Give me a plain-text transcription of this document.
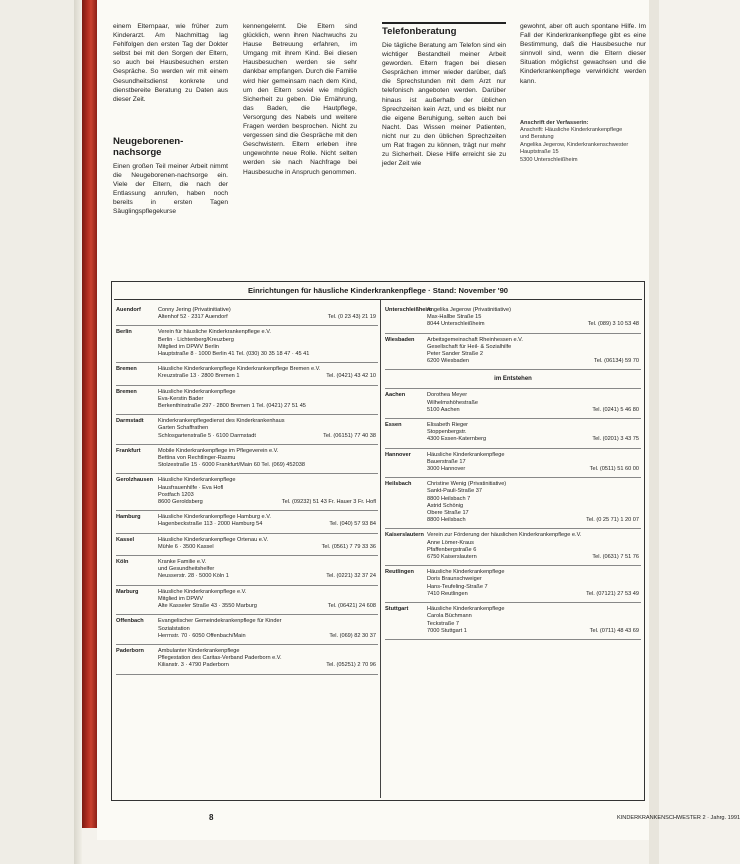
einem Elternpaar, wie früher zum Kinderarzt. Am Nachmittag lag Fehlfolgen den ersten Tag der Dokter selbst bei mit den Sorgen der Eltern, so auch bei Hausbesuchen ersten Gespräche. So werden wir mit einem Gesundheitsdienst konkrete und dienstbereite Beratung zu Daten aus dieser Zeit.

Neugeborenen-nachsorge

Einen großen Teil meiner Arbeit nimmt die Neugeborenen-nachsorge ein. Viele der Eltern, die nach der Entlassung anrufen, haben noch bereits in ersten Tagen Säuglingspflegekurse

kennengelernt. Die Eltern sind glücklich, wenn ihren Nachwuchs zu Hause Betreuung erfahren, im Umgang mit ihrem Kind. Bei diesen Hausbesuchen werden sie sehr dankbar empfangen. Durch die Familie wird hier gemeinsam nach dem Kind, um den Eltern soviel wie möglich Sicherheit zu geben. Die Ernährung, das Baden, die Hautpflege, Versorgung des Nabels und weitere Fragen werden besprochen. Nicht zu vergessen sind die Gespräche mit den Geschwistern. Eltern erleben ihre ungewohnte neue Rolle. Nicht selten werden sie nach Nachfrage bei Hausbesuche in Anspruch genommen.

Telefonberatung

Die tägliche Beratung am Telefon sind ein wichtiger Bestandteil meiner Arbeit geworden. Eltern fragen bei diesen Gesprächen immer wieder darüber, daß die Sprechstunden mit dem Arzt nur telefonisch angeboten werden. Darüber hinaus ist außerhalb der üblichen Sprechzeiten kein Arzt, und es bleibt nur die eigene Beruhigung, selten auch bei Nacht. Das Wissen meiner Patienten, nicht nur zu den üblichen Sprechzeiten um Rat fragen zu können, trägt nur mehr zu Sicherheit. Diese Hilfe erreicht sie zu jeder Zeit wie

gewohnt, aber oft auch spontane Hilfe. Im Fall der Kinderkrankenpflege gibt es eine Bestimmung, daß die Hausbesuche nur sinnvoll sind, wenn die Eltern dieser Situation möglichst gewachsen und die Kinderkrankenpflege verwirklicht werden kann.

Anschrift der Verfasserin:
Anschrift: Häusliche Kinderkrankenpflege
und Beratung
Angelika Jegerow, Kinderkrankenschwester
Hauptstraße 15
5300 Unterschleißheim
Einrichtungen für häusliche Kinderkrankenpflege · Stand: November '90
Auendorf	Conny Jering (Privatinitiative)
Altenhof 52 · 2317 Auendorf	Tel. (0 23 43) 21 19
Berlin	Verein für häusliche Kinderkrankenpflege e.V.
Berlin · Lichtenberg/Kreuzberg
Mitglied im DPWV Berlin
Hauptstraße 8 · 1000 Berlin 41 Tel. (030) 30 35 18 47 · 45 41
Bremen	Häusliche Kinderkrankenpflege Kinderkrankenpflege Bremen e.V.
Kreuzstraße 13 · 2800 Bremen 1	Tel. (0421) 43 42 10
Bremen	Häusliche Kinderkrankenpflege
Eva-Kerstin Bader
Berkenthinstraße 297 · 2800 Bremen 1 Tel. (0421) 27 51 45
Darmstadt	Kinderkrankenpflegedienst des Kinderkrankenhaus
Garten Schaffrathen
Schlosgartenstraße 5 · 6100 Darmstadt	Tel. (06151) 77 40 38
Frankfurt	Mobile Kinderkrankenpflege im Pflegeverein e.V.
Bettina von Rechtlinger-Rasmu
Stolzestraße 15 · 6000 Frankfurt/Main 60 Tel. (069) 452038
Gerolzhausen Häusliche Kinderkrankenpflege
Hausfrauenhilfe · Eva Hofl
Postfach 1203
8600 Geroldsberg	Tel. (09232) 51 43 Fr. Hauer 3 Fr. Hofl
Hamburg	Häusliche Kinderkrankenpflege Hamburg e.V.
Hagenbeckstraße 113 · 2000 Hamburg 54	Tel. (040) 57 93 84
Kassel	Häusliche Kinderkrankenpflege Ortenau e.V.
Mühle 6 · 3500 Kassel	Tel. (0561) 7 79 33 36
Köln	Kranke Familie e.V.
und Gesundheitshelfer
Neusserstr. 28 · 5000 Köln 1	Tel. (0221) 32 37 24
Marburg	Häusliche Kinderkrankenpflege e.V.
Mitglied im DPWV
Alte Kasseler Straße 43 · 3550 Marburg	Tel. (06421) 24 608
Offenbach	Evangelischer Gemeindekrankenpflege für Kinder
Sozialstation
Herrnstr. 70 · 6050 Offenbach/Main	Tel. (069) 82 30 37
Paderborn	Ambulanter Kinderkrankenpflege
Pflegestation des Caritas-Verband Paderborn e.V.
Kilianstr. 3 · 4790 Paderborn	Tel. (05251) 2 70 96
Unterschleißheim
Angelika Jegerow (Privatinitiative)
Max-Hallbe Straße 15
8044 Unterschleißheim	Tel. (089) 3 10 53 48
Wiesbaden	Arbeitsgemeinschaft Rheinhessen e.V.
Gesellschaft für Heil- & Sozialhilfe
Peter Sander Straße 2
6200 Wiesbaden	Tel. (06134) 59 70
im Entstehen
Aachen	Dorothea Meyer
Wilhelmshöhestraße
5100 Aachen	Tel. (0241) 5 46 80
Essen	Elisabeth Rieger
Stoppenbergstr.
4300 Essen-Katernberg	Tel. (0201) 3 43 75
Hannover	Häusliche Kinderkrankenpflege
Bauerstraße 17
3000 Hannover	Tel. (0511) 51 60 00
Heilsbach	Christine Wenig (Privatinitiative)
Sankt-Pauli-Straße 37
8800 Heilsbach 7
Astrid Schönig
Obere Straße 17
8800 Heilsbach	Tel. (0 25 71) 1 20 07
Kaiserslautern Verein zur Förderung der häuslichen Kinderkrankenpflege e.V.
Anne Lömer-Kraus
Pfaffenbergstraße 6
6750 Kaiserslautern	Tel. (0631) 7 51 76
Reutlingen	Häusliche Kinderkrankenpflege
Doris Braunschweiger
Hans-Teufeling-Straße 7
7410 Reutlingen	Tel. (07121) 27 53 49
Stuttgart	Häusliche Kinderkrankenpflege
Carola Büchmann
Teckstraße 7
7000 Stuttgart 1	Tel. (0711) 48 43 69
8	KINDERKRANKENSCHWESTER 2 · Jahrg. 1991
